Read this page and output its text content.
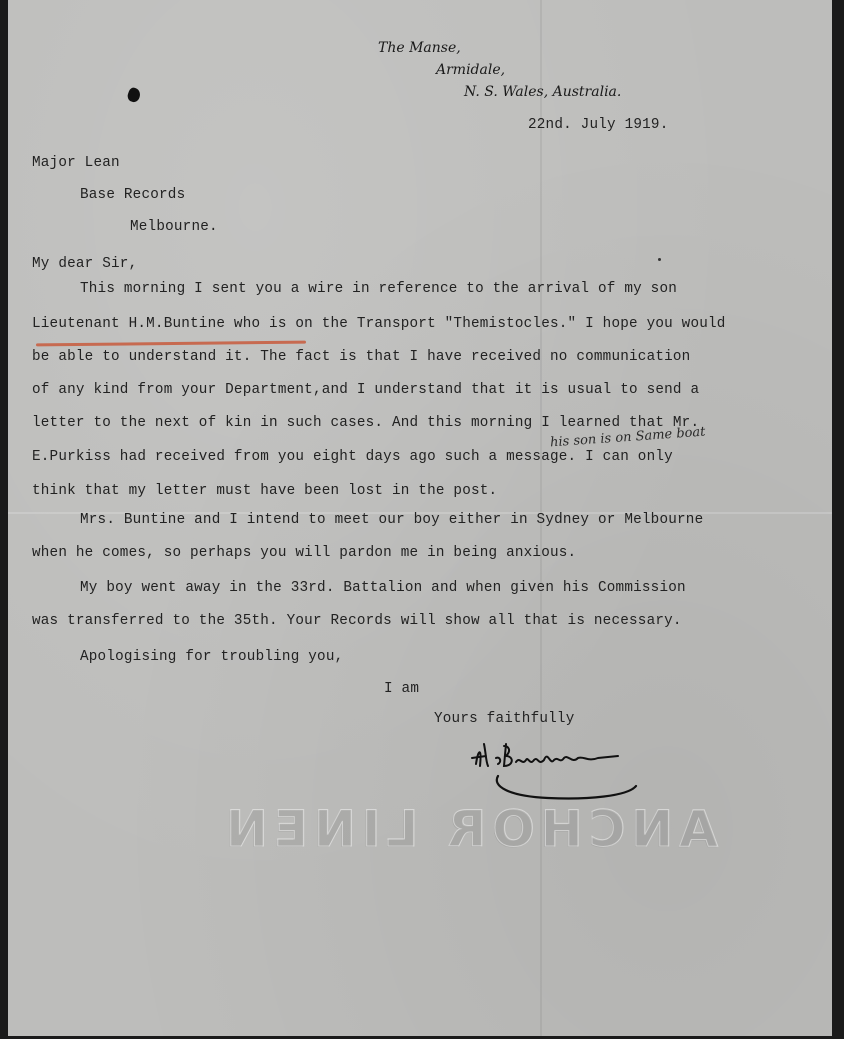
ANCHOR LINEN
The Manse,
Armidale,
N. S. Wales, Australia.
22nd. July 1919.
Major Lean
Base Records
Melbourne.
My dear Sir,
This morning I sent you a wire in reference to the arrival of my son
Lieutenant H.M.Buntine who is on the Transport "Themistocles." I hope you would
be able to understand it. The fact is that I have received no communication
of any kind from your Department,and I understand that it is usual to send a
letter to the next of kin in such cases. And this morning I learned that Mr.
his son is on Same boat
E.Purkiss had received from you eight days ago such a message. I can only
think that my letter must have been lost in the post.
Mrs. Buntine and I intend to meet our boy either in Sydney or Melbourne
when he comes, so perhaps you will pardon me in being anxious.
My boy went away in the 33rd. Battalion and when given his Commission
was transferred to the 35th. Your Records will show all that is necessary.
Apologising for troubling you,
I am
Yours faithfully
